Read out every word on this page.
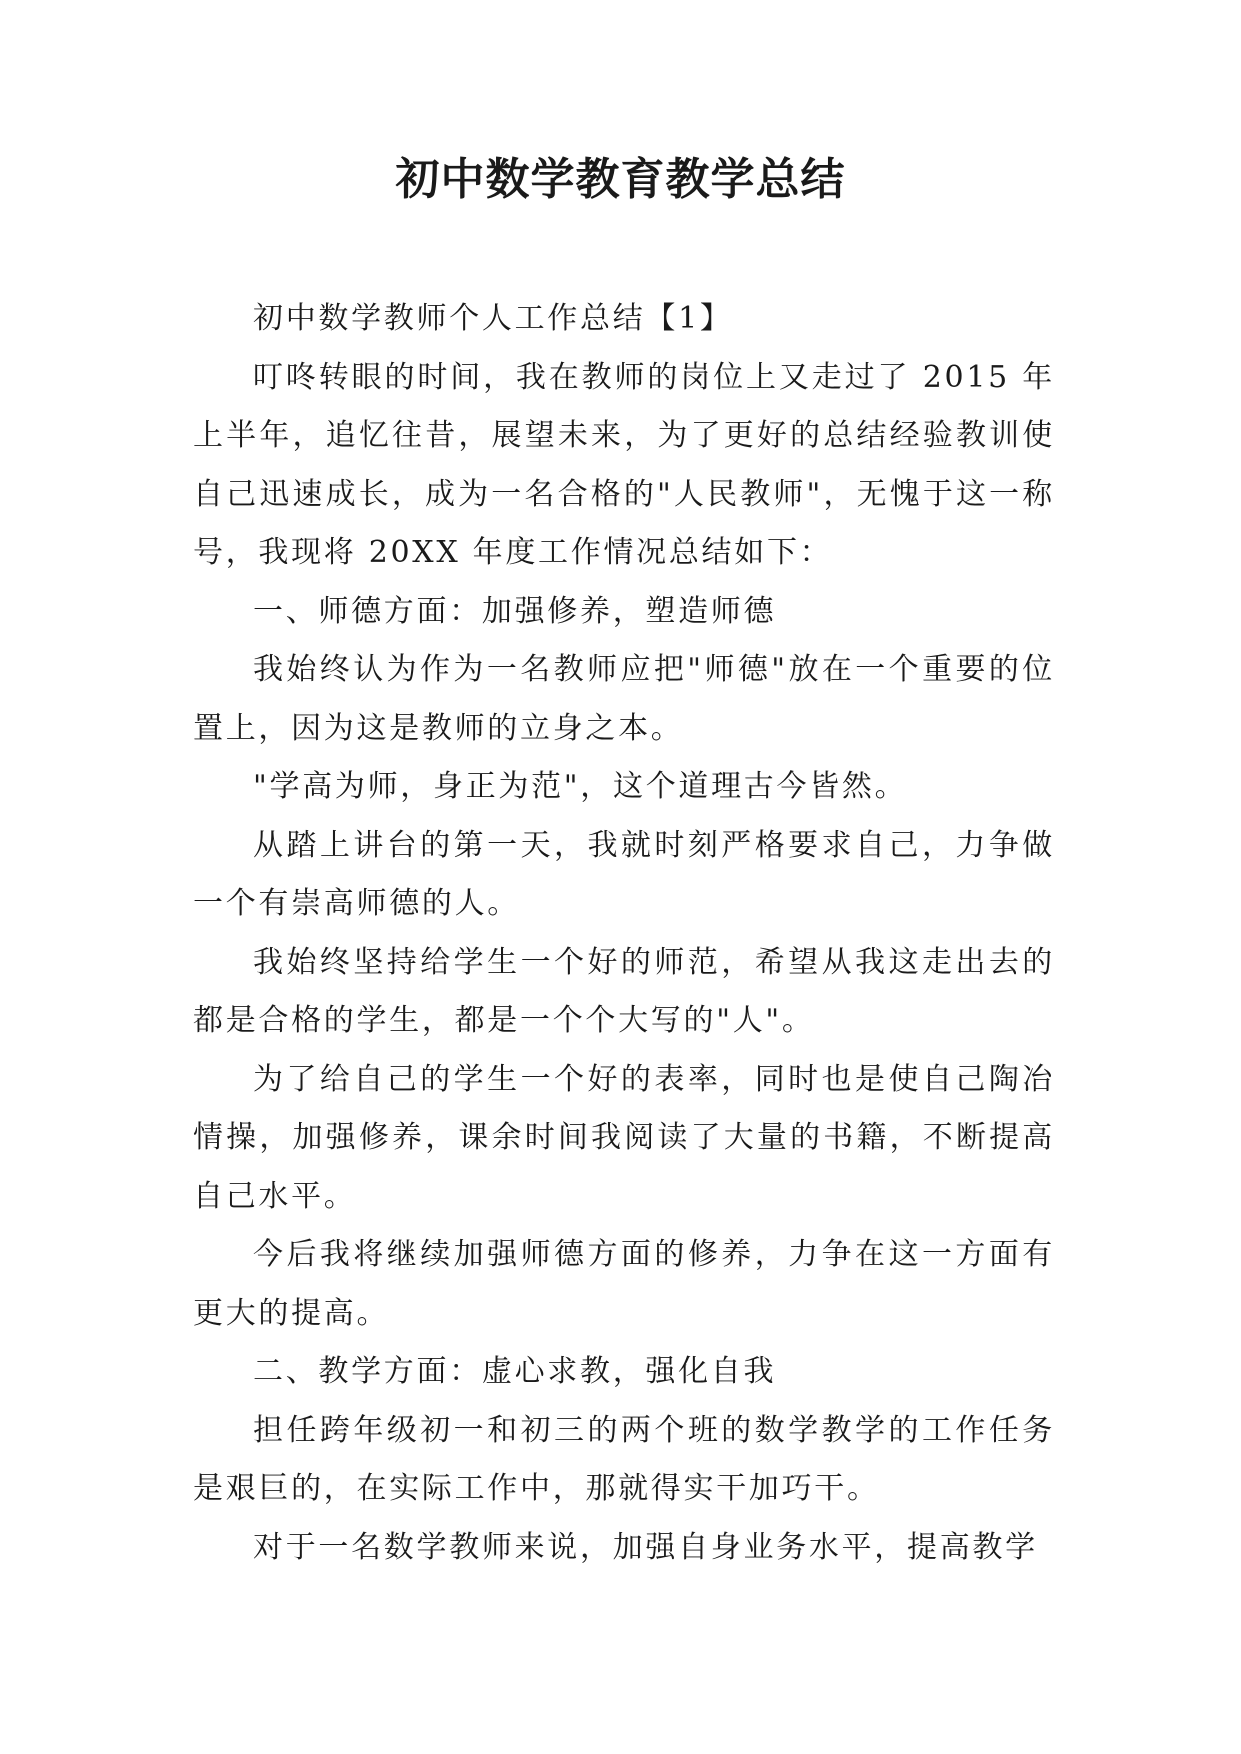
初中数学教育教学总结

初中数学教师个人工作总结【1】

叮咚转眼的时间，我在教师的岗位上又走过了 2015 年上半年，追忆往昔，展望未来，为了更好的总结经验教训使自己迅速成长，成为一名合格的"人民教师"，无愧于这一称号，我现将 20XX 年度工作情况总结如下：

一、师德方面：加强修养，塑造师德

我始终认为作为一名教师应把"师德"放在一个重要的位置上，因为这是教师的立身之本。

"学高为师，身正为范"，这个道理古今皆然。

从踏上讲台的第一天，我就时刻严格要求自己，力争做一个有崇高师德的人。

我始终坚持给学生一个好的师范，希望从我这走出去的都是合格的学生，都是一个个大写的"人"。

为了给自己的学生一个好的表率，同时也是使自己陶冶情操，加强修养，课余时间我阅读了大量的书籍，不断提高自己水平。

今后我将继续加强师德方面的修养，力争在这一方面有更大的提高。

二、教学方面：虚心求教，强化自我

担任跨年级初一和初三的两个班的数学教学的工作任务是艰巨的，在实际工作中，那就得实干加巧干。

对于一名数学教师来说，加强自身业务水平，提高教学
